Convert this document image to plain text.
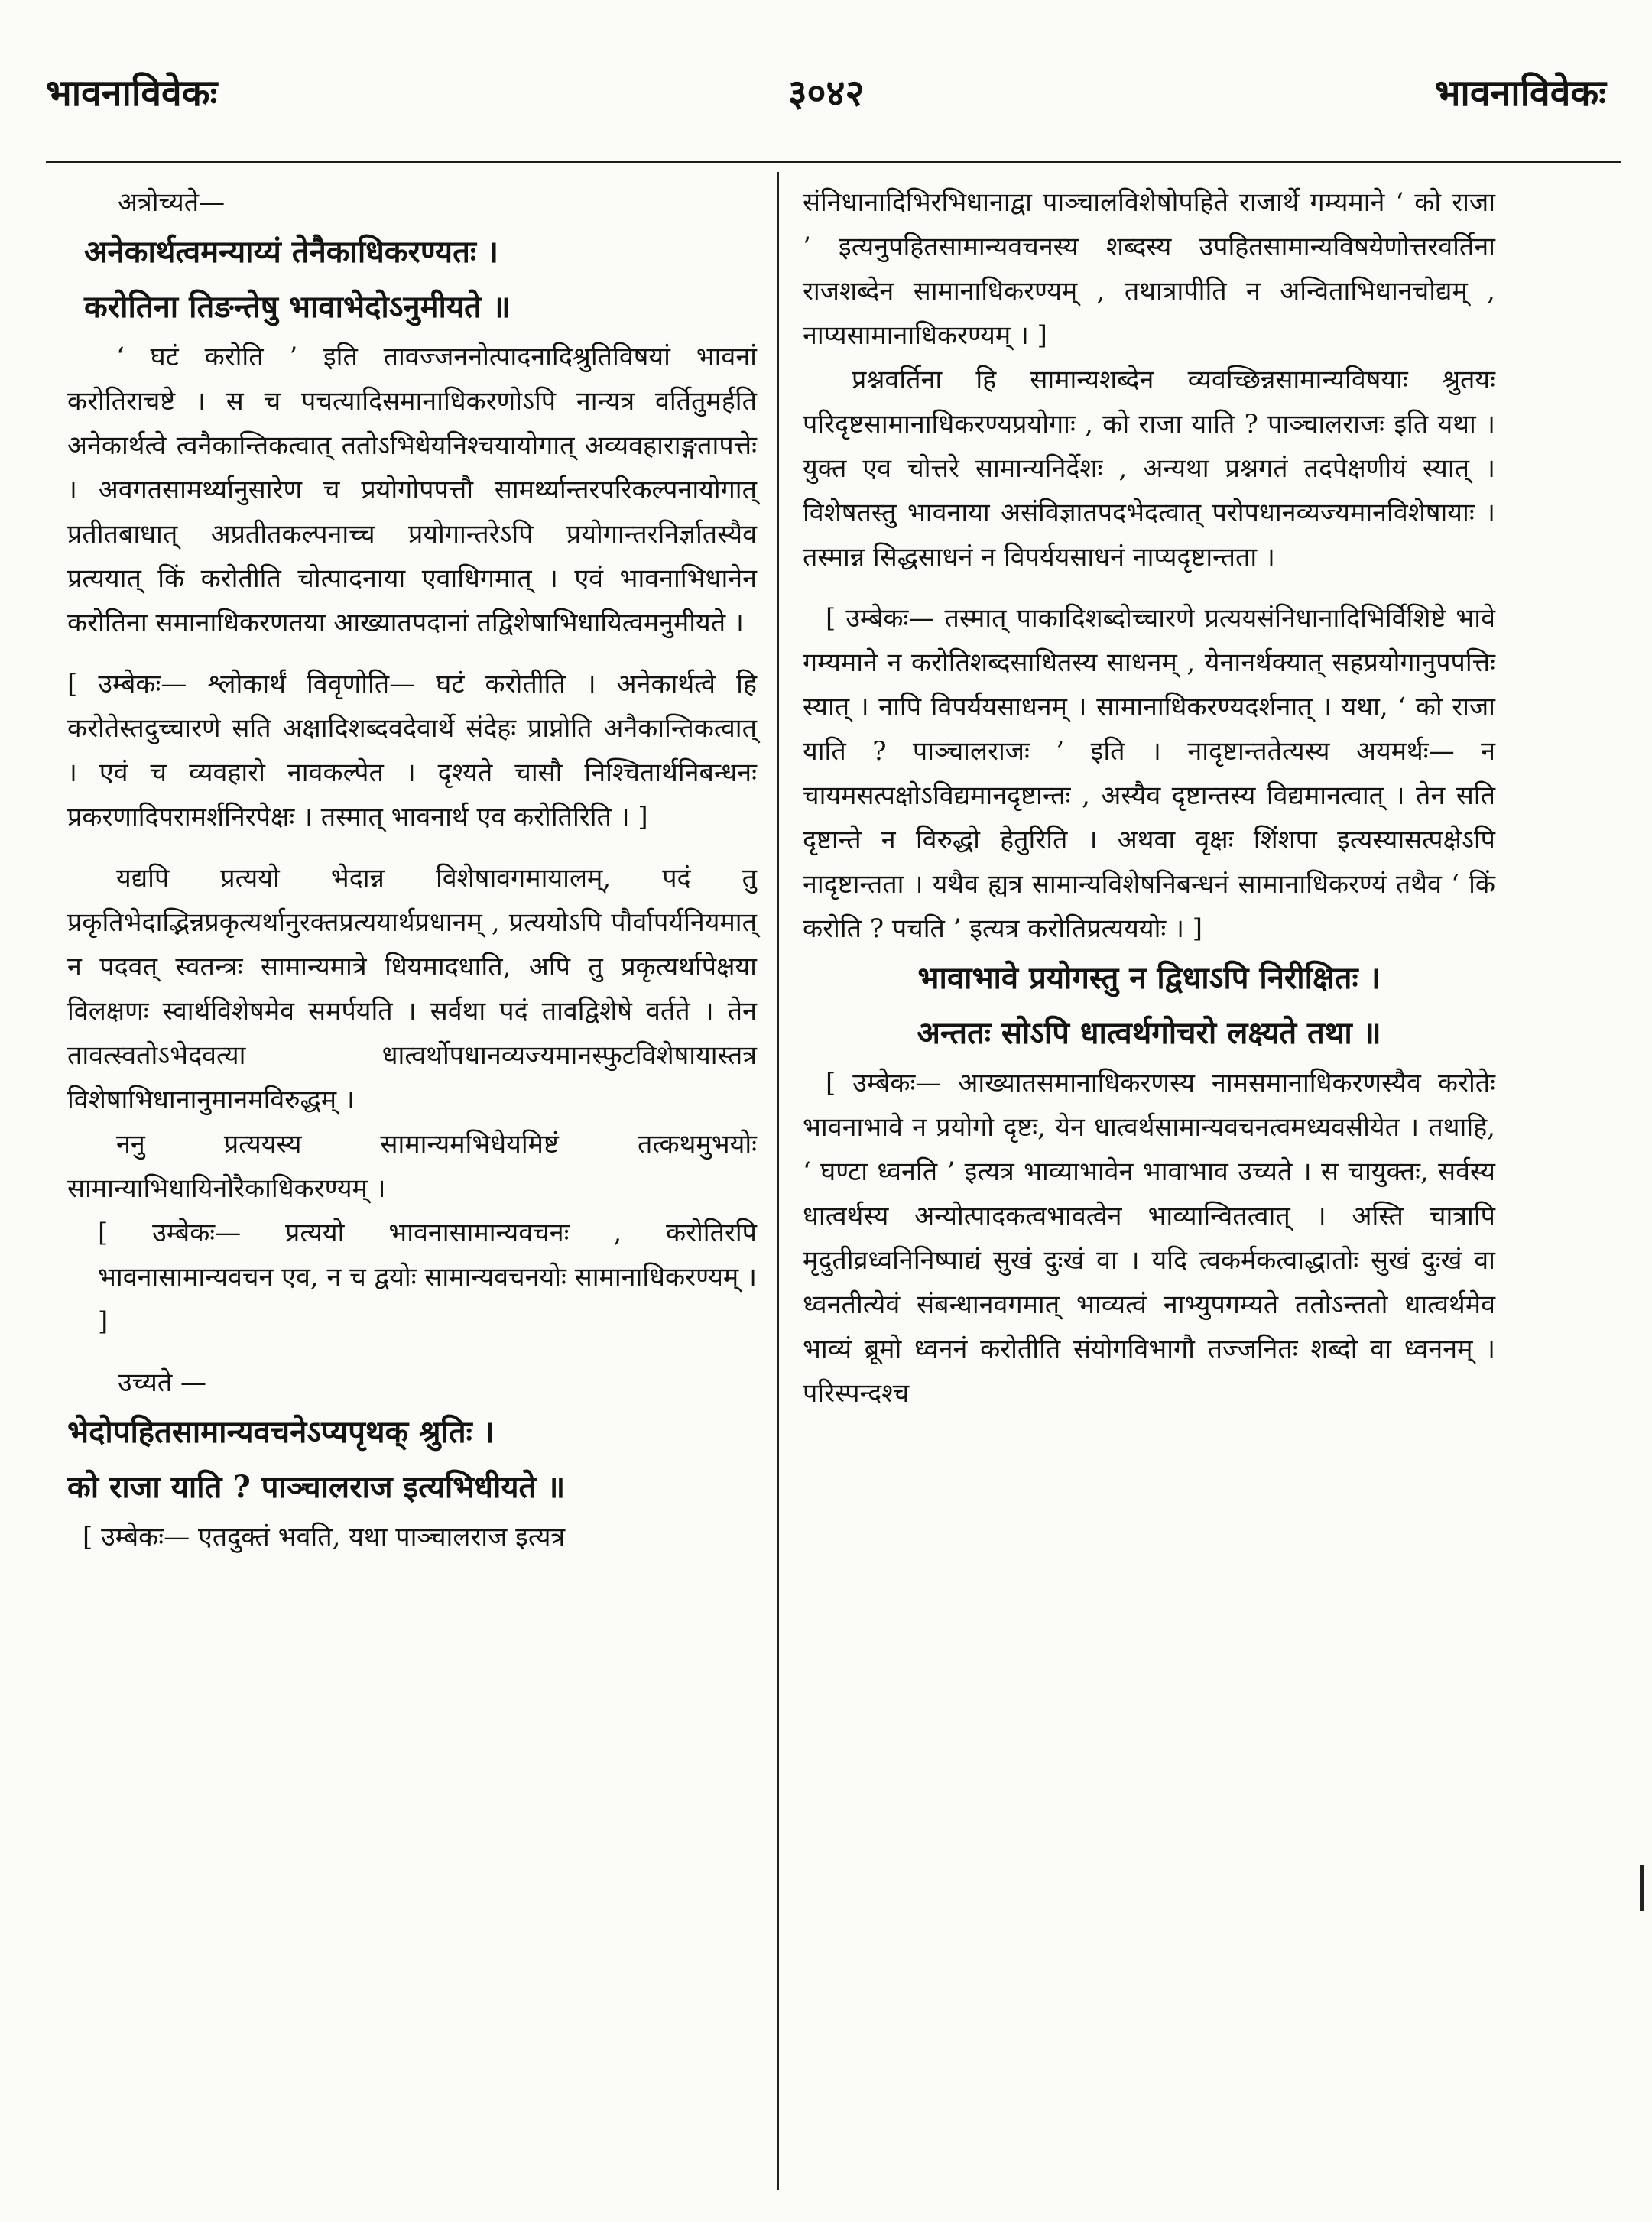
भावनाविवेकः	३०४२	भावनाविवेकः
अत्रोच्यते—
अनेकार्थत्वमन्याय्यं तेनैकाधिकरण्यतः ।
करोतिना तिङन्तेषु भावाभेदोऽनुमीयते ॥

‘ घटं करोति ’ इति तावज्जननोत्पादनादिश्रुतिविषयां भावनां करोतिराचष्टे । स च पचत्यादिसमानाधिकरणोऽपि नान्यत्र वर्तितुमर्हति अनेकार्थत्वे त्वनैकान्तिकत्वात् ततोऽभिधेयनिश्चयायोगात् अव्यवहाराङ्गतापत्तेः । अवगतसामर्थ्यानुसारेण च प्रयोगोपपत्तौ सामर्थ्यान्तरपरिकल्पनायोगात् प्रतीतबाधात् अप्रतीतकल्पनाच्च प्रयोगान्तरेऽपि प्रयोगान्तरनिर्ज्ञातस्यैव प्रत्ययात् किं करोतीति चोत्पादनाया एवाधिगमात् । एवं भावनाभिधानेन करोतिना समानाधिकरणतया आख्यातपदानां तद्विशेषाभिधायित्वमनुमीयते ।

[ उम्बेकः— श्लोकार्थं विवृणोति— घटं करोतीति । अनेकार्थत्वे हि करोतेस्तदुच्चारणे सति अक्षादिशब्दवदेवार्थे संदेहः प्राप्नोति अनैकान्तिकत्वात् । एवं च व्यवहारो नावकल्पेत । दृश्यते चासौ निश्चितार्थनिबन्धनः प्रकरणादिपरामर्शनिरपेक्षः । तस्मात् भावनार्थ एव करोतिरिति । ]

यद्यपि प्रत्ययो भेदान्न विशेषावगमायालम्, पदं तु प्रकृतिभेदाद्भिन्नप्रकृत्यर्थानुरक्तप्रत्ययार्थप्रधानम् , प्रत्ययोऽपि पौर्वापर्यनियमात् न पदवत् स्वतन्त्रः सामान्यमात्रे धियमादधाति, अपि तु प्रकृत्यर्थापेक्षया विलक्षणः स्वार्थविशेषमेव समर्पयति । सर्वथा पदं तावद्विशेषे वर्तते । तेन तावत्स्वतोऽभेदवत्या धात्वर्थोपधानव्यज्यमानस्फुटविशेषायास्तत्र विशेषाभिधानानुमानमविरुद्धम् ।

ननु प्रत्ययस्य सामान्यमभिधेयमिष्टं तत्कथमुभयोः सामान्याभिधायिनोरैकाधिकरण्यम् ।

[ उम्बेकः— प्रत्ययो भावनासामान्यवचनः , करोतिरपि भावनासामान्यवचन एव, न च द्वयोः सामान्यवचनयोः सामानाधिकरण्यम् । ]

उच्यते —
भेदोपहितसामान्यवचनेऽप्यपृथक् श्रुतिः ।
को राजा याति ? पाञ्चालराज इत्यभिधीयते ॥

[ उम्बेकः— एतदुक्तं भवति, यथा पाञ्चालराज इत्यत्र

संनिधानादिभिरभिधानाद्वा पाञ्चालविशेषोपहिते राजार्थे गम्यमाने ‘ को राजा ’ इत्यनुपहितसामान्यवचनस्य शब्दस्य उपहितसामान्यविषयेणोत्तरवर्तिना राजशब्देन सामानाधिकरण्यम् , तथात्रापीति न अन्विताभिधानचोद्यम् , नाप्यसामानाधिकरण्यम् । ]

प्रश्नवर्तिना हि सामान्यशब्देन व्यवच्छिन्नसामान्यविषयाः श्रुतयः परिदृष्टसामानाधिकरण्यप्रयोगाः , को राजा याति ? पाञ्चालराजः इति यथा । युक्त एव चोत्तरे सामान्यनिर्देशः , अन्यथा प्रश्नगतं तदपेक्षणीयं स्यात् । विशेषतस्तु भावनाया असंविज्ञातपदभेदत्वात् परोपधानव्यज्यमानविशेषायाः । तस्मान्न सिद्धसाधनं न विपर्ययसाधनं नाप्यदृष्टान्तता ।

[ उम्बेकः— तस्मात् पाकादिशब्दोच्चारणे प्रत्ययसंनिधानादिभिर्विशिष्टे भावे गम्यमाने न करोतिशब्दसाधितस्य साधनम् , येनानर्थक्यात् सहप्रयोगानुपपत्तिः स्यात् । नापि विपर्ययसाधनम् । सामानाधिकरण्यदर्शनात् । यथा, ‘ को राजा याति ? पाञ्चालराजः ’ इति । नादृष्टान्ततेत्यस्य अयमर्थः— न चायमसत्पक्षोऽविद्यमानदृष्टान्तः , अस्यैव दृष्टान्तस्य विद्यमानत्वात् । तेन सति दृष्टान्ते न विरुद्धो हेतुरिति । अथवा वृक्षः शिंशपा इत्यस्यासत्पक्षेऽपि नादृष्टान्तता । यथैव ह्यत्र सामान्यविशेषनिबन्धनं सामानाधिकरण्यं तथैव ‘ किं करोति ? पचति ’ इत्यत्र करोतिप्रत्यययोः । ]

भावाभावे प्रयोगस्तु न द्विधाऽपि निरीक्षितः ।
अन्ततः सोऽपि धात्वर्थगोचरो लक्ष्यते तथा ॥

[ उम्बेकः— आख्यातसमानाधिकरणस्य नामसमानाधिकरणस्यैव करोतेः भावनाभावे न प्रयोगो दृष्टः, येन धात्वर्थसामान्यवचनत्वमध्यवसीयेत । तथाहि, ‘ घण्टा ध्वनति ’ इत्यत्र भाव्याभावेन भावाभाव उच्यते । स चायुक्तः, सर्वस्य धात्वर्थस्य अन्योत्पादकत्वभावत्वेन भाव्यान्वितत्वात् । अस्ति चात्रापि मृदुतीव्रध्वनिनिष्पाद्यं सुखं दुःखं वा । यदि त्वकर्मकत्वाद्धातोः सुखं दुःखं वा ध्वनतीत्येवं संबन्धानवगमात् भाव्यत्वं नाभ्युपगम्यते ततोऽन्ततो धात्वर्थमेव भाव्यं ब्रूमो ध्वननं करोतीति संयोगविभागौ तज्जनितः शब्दो वा ध्वननम् । परिस्पन्दश्च
